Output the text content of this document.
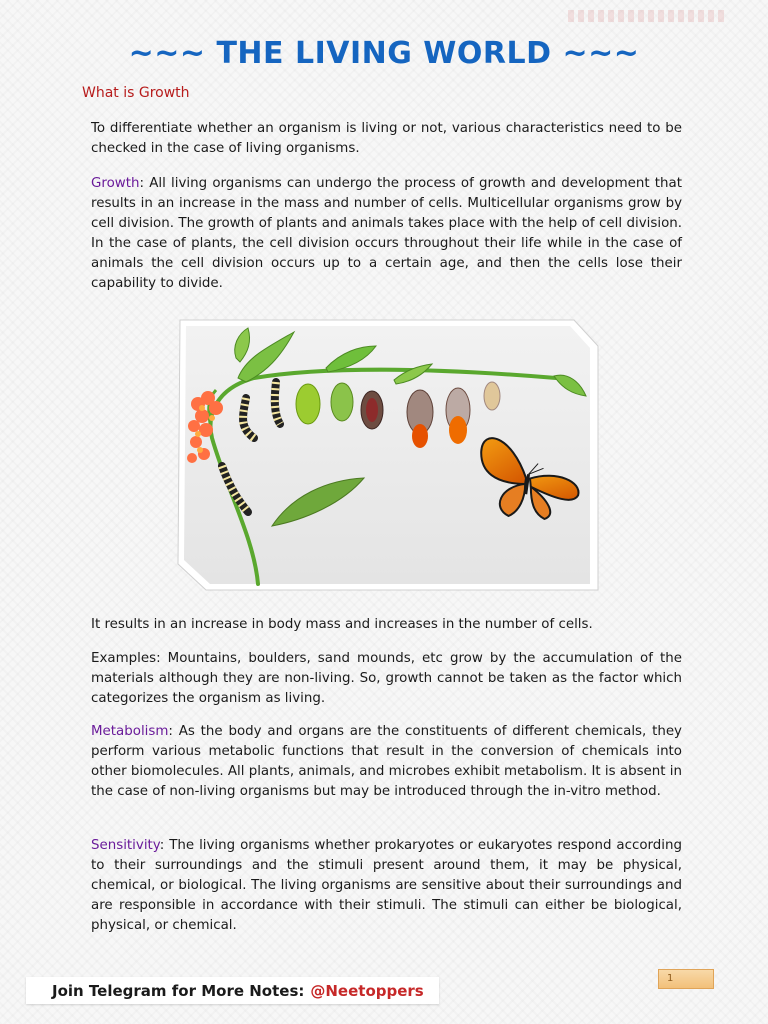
~~~ THE LIVING WORLD ~~~
What is Growth

To differentiate whether an organism is living or not, various characteristics need to be checked in the case of living organisms.

Growth: All living organisms can undergo the process of growth and development that results in an increase in the mass and number of cells. Multicellular organisms grow by cell division. The growth of plants and animals takes place with the help of cell division. In the case of plants, the cell division occurs throughout their life while in the case of animals the cell division occurs up to a certain age, and then the cells lose their capability to divide.

It results in an increase in body mass and increases in the number of cells.

Examples: Mountains, boulders, sand mounds, etc grow by the accumulation of the materials although they are non-living. So, growth cannot be taken as the factor which categorizes the organism as living.

Metabolism: As the body and organs are the constituents of different chemicals, they perform various metabolic functions that result in the conversion of chemicals into other biomolecules. All plants, animals, and microbes exhibit metabolism. It is absent in the case of non-living organisms but may be introduced through the in-vitro method.

Sensitivity: The living organisms whether prokaryotes or eukaryotes respond according to their surroundings and the stimuli present around them, it may be physical, chemical, or biological. The living organisms are sensitive about their surroundings and are responsible in accordance with their stimuli. The stimuli can either be biological, physical, or chemical.

Join Telegram for More Notes: @Neetoppers
1
